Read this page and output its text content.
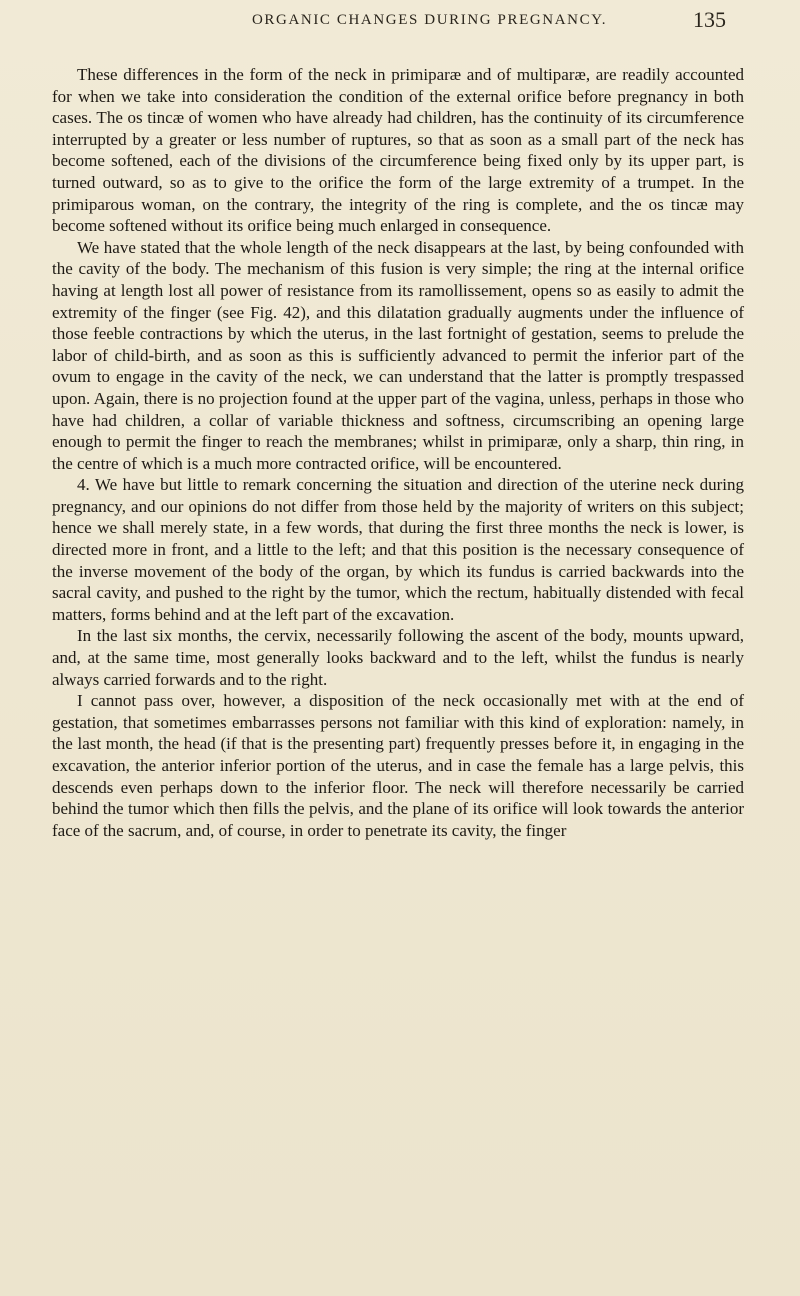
ORGANIC CHANGES DURING PREGNANCY.	135

These differences in the form of the neck in primiparæ and of multiparæ, are readily accounted for when we take into consideration the condition of the external orifice before pregnancy in both cases. The os tincæ of women who have already had children, has the continuity of its circumference interrupted by a greater or less number of ruptures, so that as soon as a small part of the neck has become softened, each of the divisions of the circumference being fixed only by its upper part, is turned outward, so as to give to the orifice the form of the large extremity of a trumpet. In the primiparous woman, on the contrary, the integrity of the ring is complete, and the os tincæ may become softened without its orifice being much enlarged in consequence.

We have stated that the whole length of the neck disappears at the last, by being confounded with the cavity of the body. The mechanism of this fusion is very simple; the ring at the internal orifice having at length lost all power of resistance from its ramollissement, opens so as easily to admit the extremity of the finger (see Fig. 42), and this dilatation gradually augments under the influence of those feeble contractions by which the uterus, in the last fortnight of gestation, seems to prelude the labor of child-birth, and as soon as this is sufficiently advanced to permit the inferior part of the ovum to engage in the cavity of the neck, we can understand that the latter is promptly trespassed upon. Again, there is no projection found at the upper part of the vagina, unless, perhaps in those who have had children, a collar of variable thickness and softness, circumscribing an opening large enough to permit the finger to reach the membranes; whilst in primiparæ, only a sharp, thin ring, in the centre of which is a much more contracted orifice, will be encountered.

4. We have but little to remark concerning the situation and direction of the uterine neck during pregnancy, and our opinions do not differ from those held by the majority of writers on this subject; hence we shall merely state, in a few words, that during the first three months the neck is lower, is directed more in front, and a little to the left; and that this position is the necessary consequence of the inverse movement of the body of the organ, by which its fundus is carried backwards into the sacral cavity, and pushed to the right by the tumor, which the rectum, habitually distended with fecal matters, forms behind and at the left part of the excavation.

In the last six months, the cervix, necessarily following the ascent of the body, mounts upward, and, at the same time, most generally looks backward and to the left, whilst the fundus is nearly always carried forwards and to the right.

I cannot pass over, however, a disposition of the neck occasionally met with at the end of gestation, that sometimes embarrasses persons not familiar with this kind of exploration: namely, in the last month, the head (if that is the presenting part) frequently presses before it, in engaging in the excavation, the anterior inferior portion of the uterus, and in case the female has a large pelvis, this descends even perhaps down to the inferior floor. The neck will therefore necessarily be carried behind the tumor which then fills the pelvis, and the plane of its orifice will look towards the anterior face of the sacrum, and, of course, in order to penetrate its cavity, the finger
